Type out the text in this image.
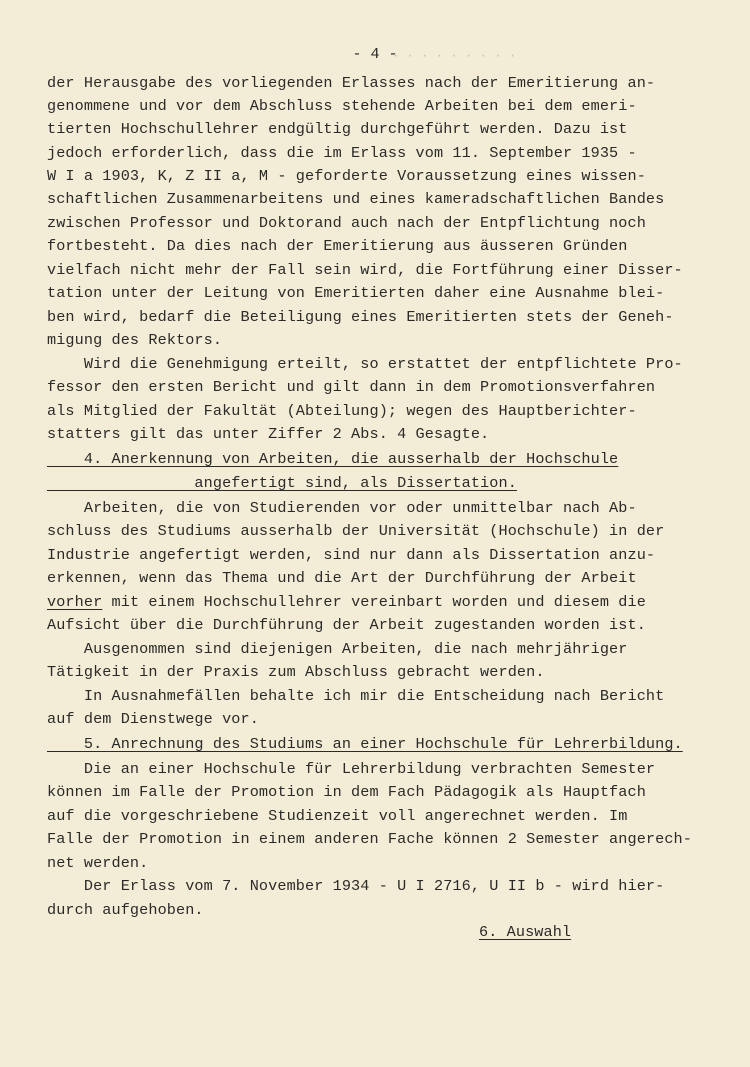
- 4 -
· · · · · · · · ·
der Herausgabe des vorliegenden Erlasses nach der Emeritierung an-
genommene und vor dem Abschluss stehende Arbeiten bei dem emeri-
tierten Hochschullehrer endgültig durchgeführt werden. Dazu ist
jedoch erforderlich, dass die im Erlass vom 11. September 1935 -
W I a 1903, K, Z II a, M - geforderte Voraussetzung eines wissen-
schaftlichen Zusammenarbeitens und eines kameradschaftlichen Bandes
zwischen Professor und Doktorand auch nach der Entpflichtung noch
fortbesteht. Da dies nach der Emeritierung aus äusseren Gründen
vielfach nicht mehr der Fall sein wird, die Fortführung einer Disser-
tation unter der Leitung von Emeritierten daher eine Ausnahme blei-
ben wird, bedarf die Beteiligung eines Emeritierten stets der Geneh-
migung des Rektors.
Wird die Genehmigung erteilt, so erstattet der entpflichtete Pro-
fessor den ersten Bericht und gilt dann in dem Promotionsverfahren
als Mitglied der Fakultät (Abteilung); wegen des Hauptberichter-
statters gilt das unter Ziffer 2 Abs. 4 Gesagte.
4. Anerkennung von Arbeiten, die ausserhalb der Hochschule
angefertigt sind, als Dissertation.
Arbeiten, die von Studierenden vor oder unmittelbar nach Ab-
schluss des Studiums ausserhalb der Universität (Hochschule) in der
Industrie angefertigt werden, sind nur dann als Dissertation anzu-
erkennen, wenn das Thema und die Art der Durchführung der Arbeit
vorher mit einem Hochschullehrer vereinbart worden und diesem die
Aufsicht über die Durchführung der Arbeit zugestanden worden ist.
Ausgenommen sind diejenigen Arbeiten, die nach mehrjähriger
Tätigkeit in der Praxis zum Abschluss gebracht werden.
In Ausnahmefällen behalte ich mir die Entscheidung nach Bericht
auf dem Dienstwege vor.
5. Anrechnung des Studiums an einer Hochschule für Lehrerbildung.
Die an einer Hochschule für Lehrerbildung verbrachten Semester
können im Falle der Promotion in dem Fach Pädagogik als Hauptfach
auf die vorgeschriebene Studienzeit voll angerechnet werden. Im
Falle der Promotion in einem anderen Fache können 2 Semester angerech-
net werden.
Der Erlass vom 7. November 1934 - U I 2716, U II b - wird hier-
durch aufgehoben.
6. Auswahl
